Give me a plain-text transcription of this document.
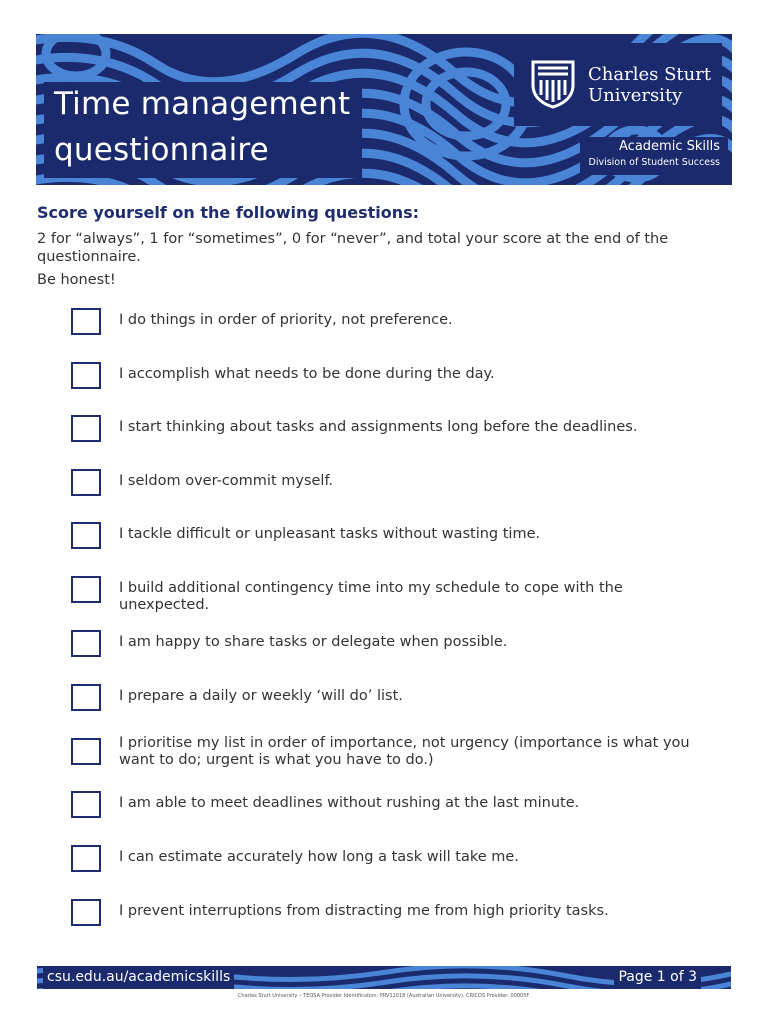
Time management
questionnaire
Charles Sturt
University
Academic Skills
Division of Student Success
Score yourself on the following questions:
2 for “always”, 1 for “sometimes”, 0 for “never”, and total your score at the end of the questionnaire.
Be honest!
I do things in order of priority, not preference.
I accomplish what needs to be done during the day.
I start thinking about tasks and assignments long before the deadlines.
I seldom over-commit myself.
I tackle difficult or unpleasant tasks without wasting time.
I build additional contingency time into my schedule to cope with the unexpected.
I am happy to share tasks or delegate when possible.
I prepare a daily or weekly ‘will do’ list.
I prioritise my list in order of importance, not urgency (importance is what you want to do; urgent is what you have to do.)
I am able to meet deadlines without rushing at the last minute.
I can estimate accurately how long a task will take me.
I prevent interruptions from distracting me from high priority tasks.
csu.edu.au/academicskills	Page 1 of 3
Charles Sturt University – TEQSA Provider Identification: PRV12018 (Australian University). CRICOS Provider: 00005F.
